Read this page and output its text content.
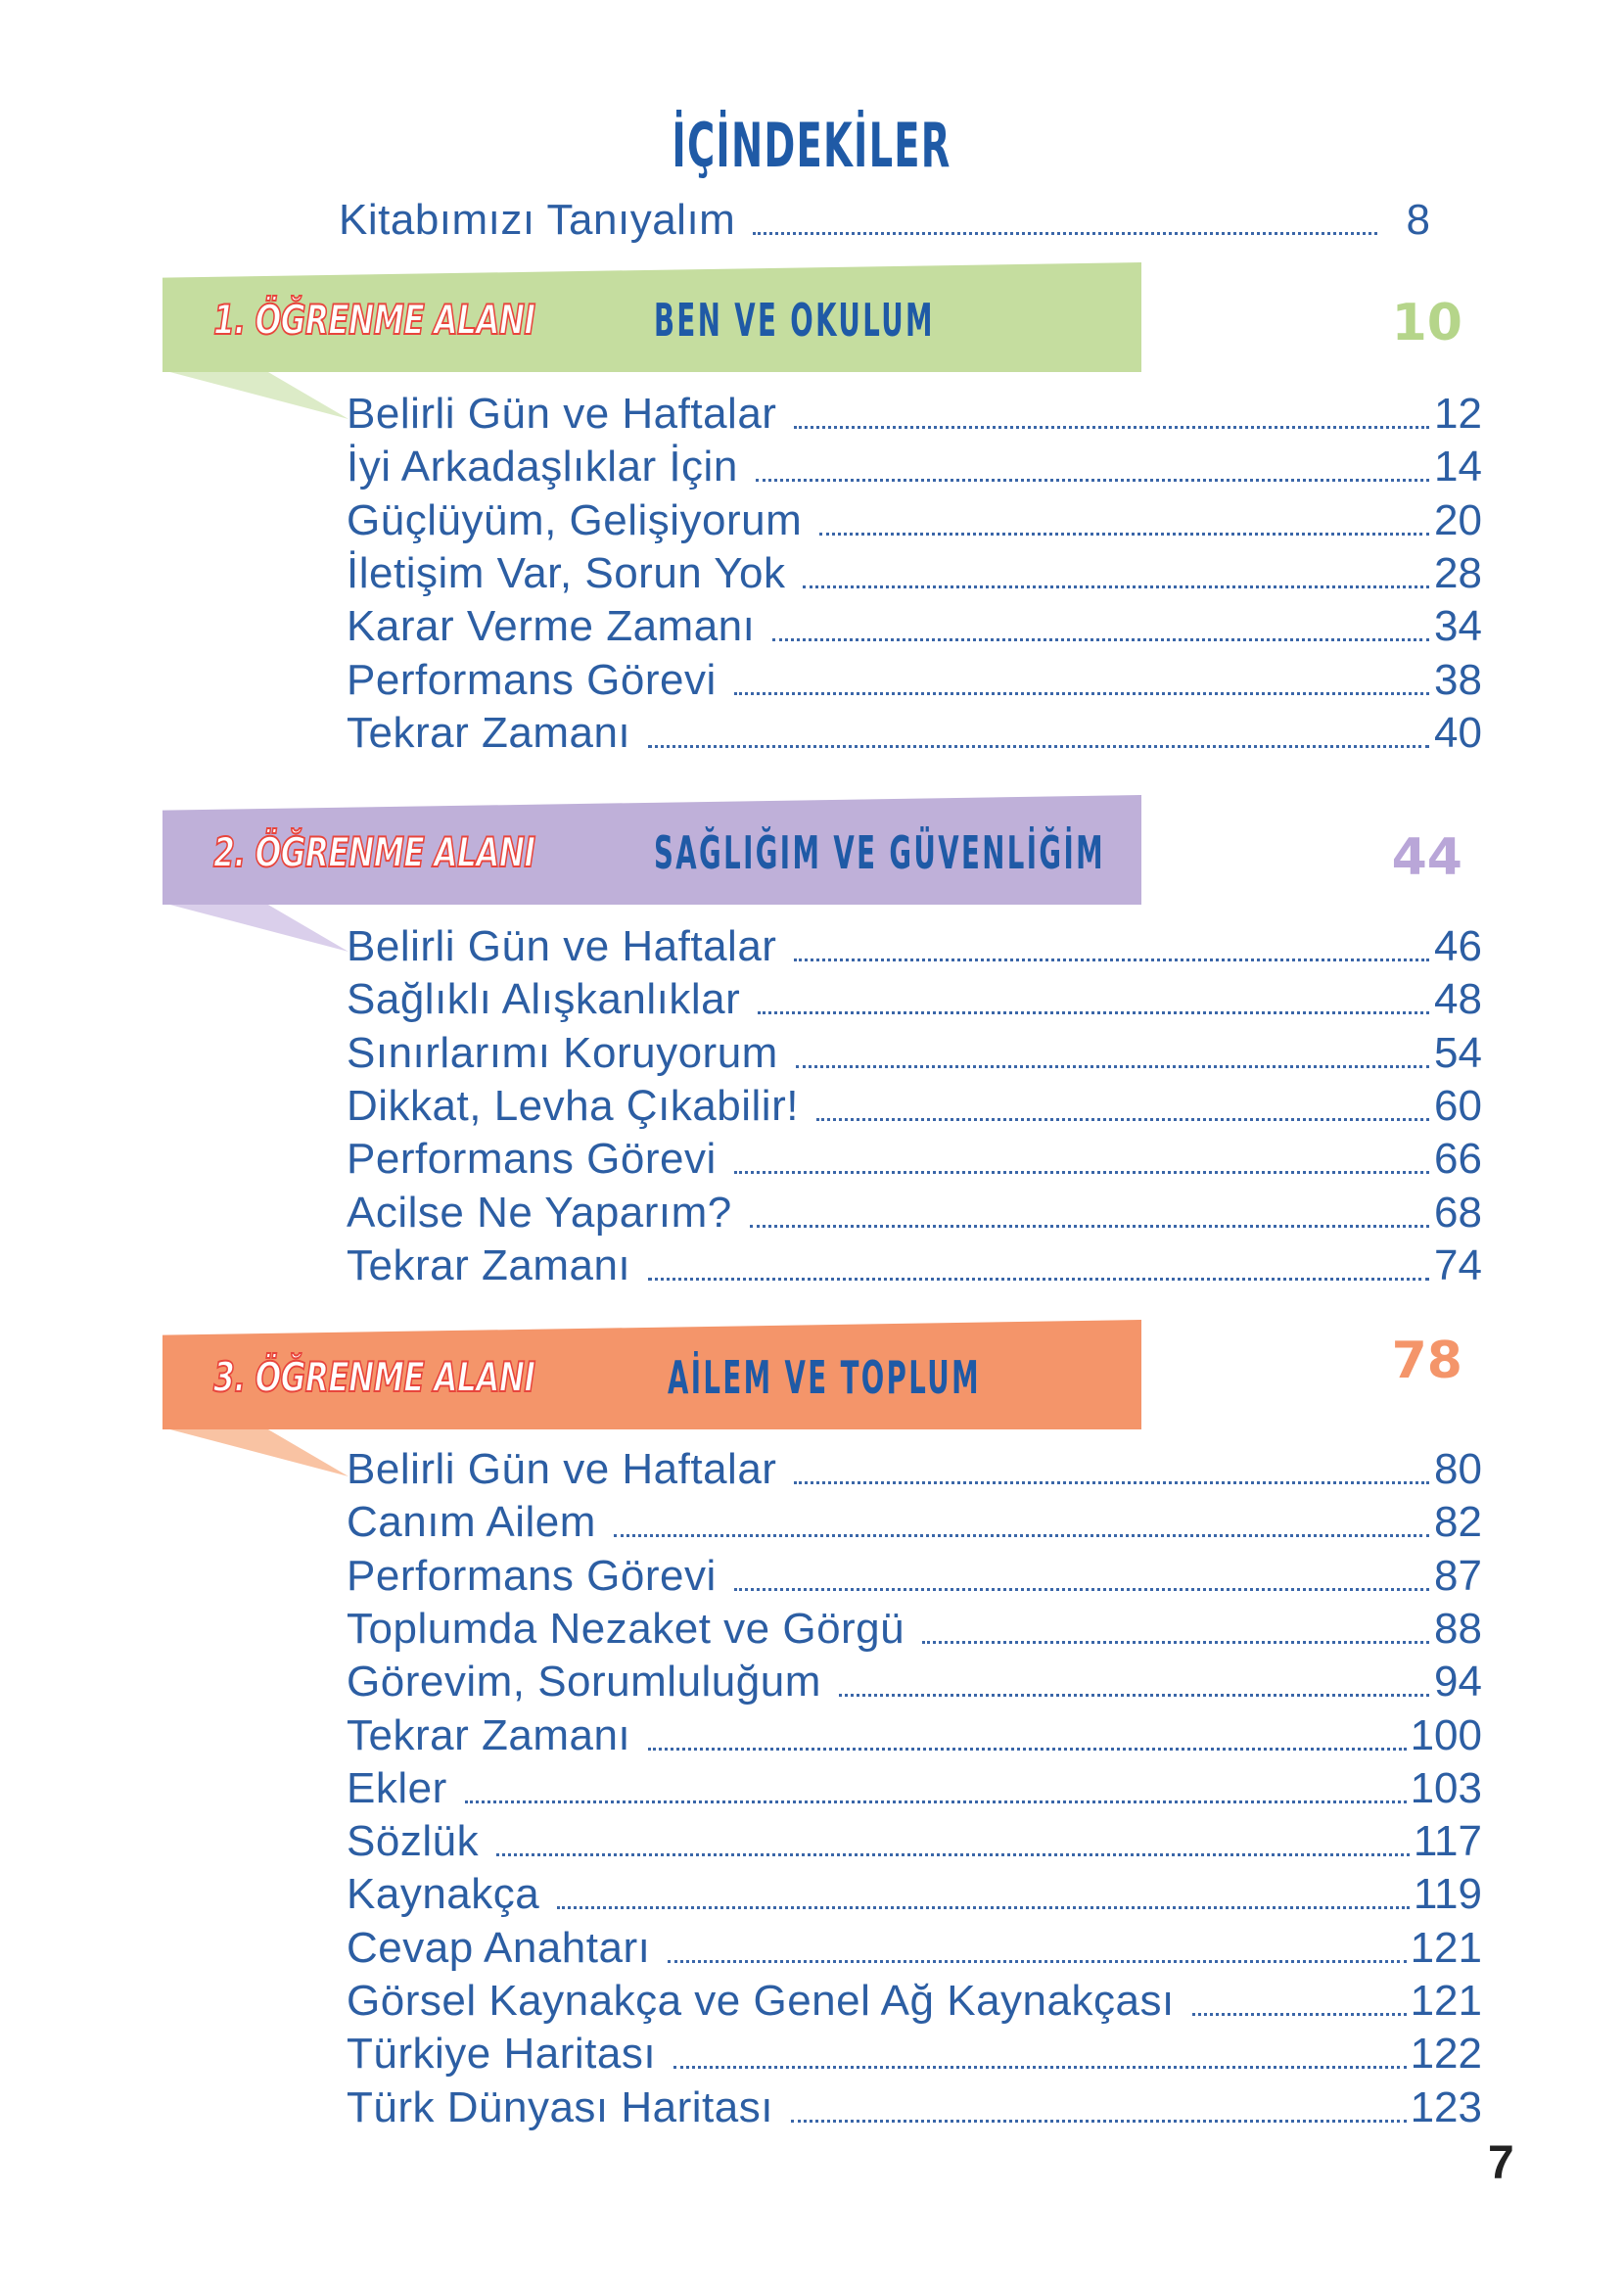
İÇİNDEKİLER
Kitabımızı Tanıyalım	8
1. ÖĞRENME ALANI	BEN VE OKULUM	10
Belirli Gün ve Haftalar	12
İyi Arkadaşlıklar İçin	14
Güçlüyüm, Gelişiyorum	20
İletişim Var, Sorun Yok	28
Karar Verme Zamanı	34
Performans Görevi	38
Tekrar Zamanı	40
2. ÖĞRENME ALANI	SAĞLIĞIM VE GÜVENLİĞİM	44
Belirli Gün ve Haftalar	46
Sağlıklı Alışkanlıklar	48
Sınırlarımı Koruyorum	54
Dikkat, Levha Çıkabilir!	60
Performans Görevi	66
Acilse Ne Yaparım?	68
Tekrar Zamanı	74
3. ÖĞRENME ALANI	AİLEM VE TOPLUM	78
Belirli Gün ve Haftalar	80
Canım Ailem	82
Performans Görevi	87
Toplumda Nezaket ve Görgü	88
Görevim, Sorumluluğum	94
Tekrar Zamanı	100
Ekler	103
Sözlük	117
Kaynakça	119
Cevap Anahtarı	121
Görsel Kaynakça ve Genel Ağ Kaynakçası	121
Türkiye Haritası	122
Türk Dünyası Haritası	123
7
